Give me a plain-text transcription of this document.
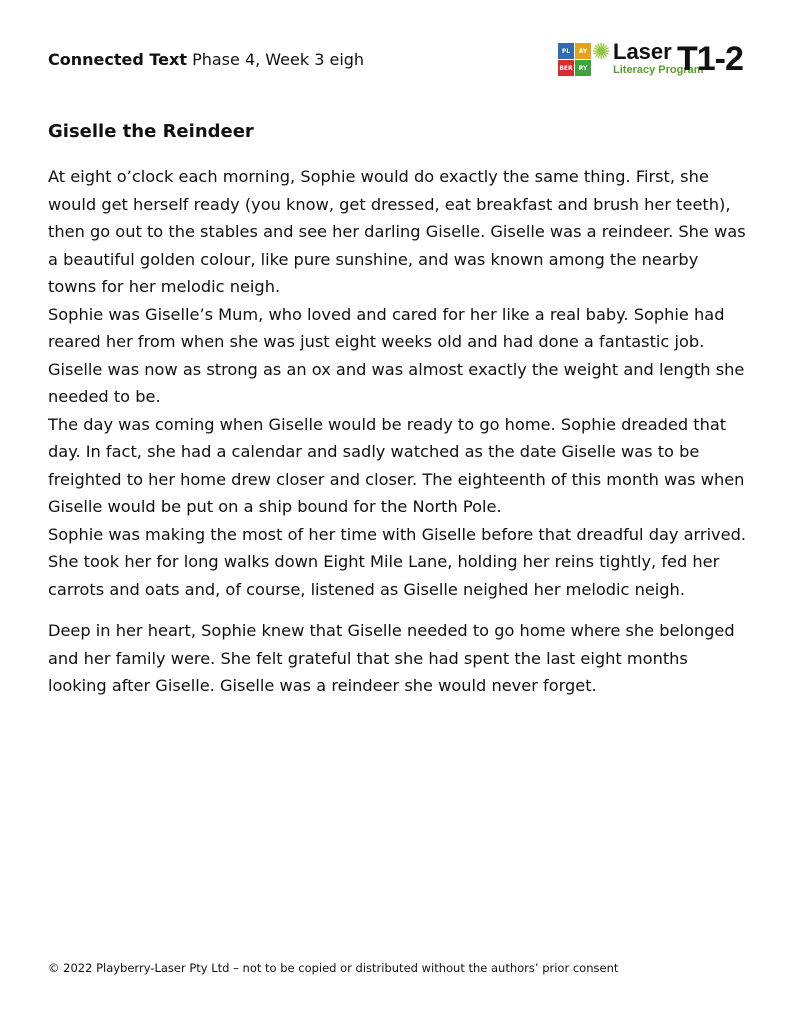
Connected Text Phase 4, Week 3 eigh	PL	AY
BER	RY
✺ Laser
Literacy Program
T1-2
Giselle the Reindeer

At eight o’clock each morning, Sophie would do exactly the same thing. First, she would get herself ready (you know, get dressed, eat breakfast and brush her teeth), then go out to the stables and see her darling Giselle. Giselle was a reindeer. She was a beautiful golden colour, like pure sunshine, and was known among the nearby towns for her melodic neigh.

Sophie was Giselle’s Mum, who loved and cared for her like a real baby. Sophie had reared her from when she was just eight weeks old and had done a fantastic job. Giselle was now as strong as an ox and was almost exactly the weight and length she needed to be.

The day was coming when Giselle would be ready to go home. Sophie dreaded that day. In fact, she had a calendar and sadly watched as the date Giselle was to be freighted to her home drew closer and closer. The eighteenth of this month was when Giselle would be put on a ship bound for the North Pole.

Sophie was making the most of her time with Giselle before that dreadful day arrived. She took her for long walks down Eight Mile Lane, holding her reins tightly, fed her carrots and oats and, of course, listened as Giselle neighed her melodic neigh.

Deep in her heart, Sophie knew that Giselle needed to go home where she belonged and her family were. She felt grateful that she had spent the last eight months looking after Giselle. Giselle was a reindeer she would never forget.

© 2022 Playberry-Laser Pty Ltd – not to be copied or distributed without the authors’ prior consent
